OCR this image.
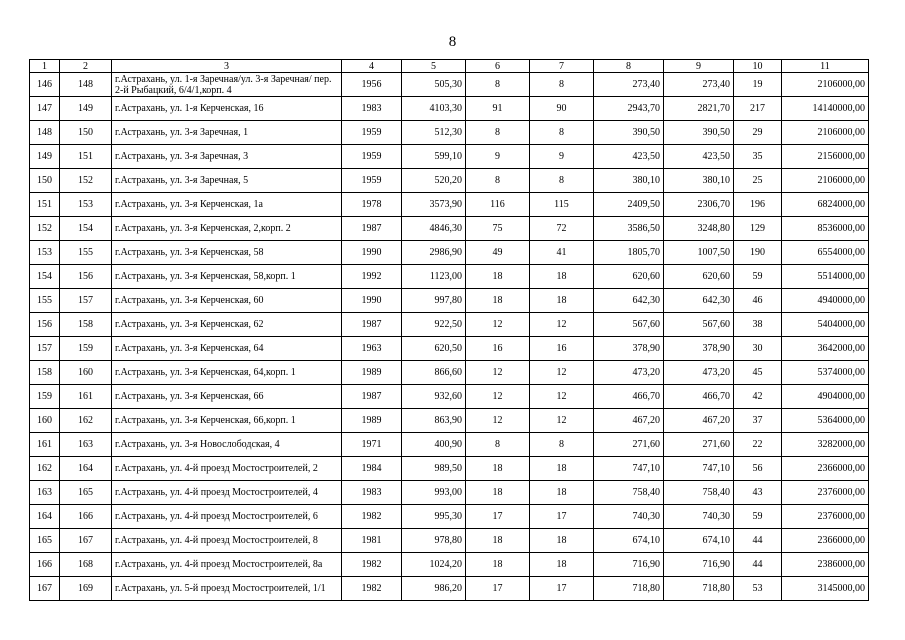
8
1	2	3	4	5	6	7	8	9	10	11
146	148	г.Астрахань, ул. 1-я Заречная/ул. 3-я Заречная/ пер. 2-й Рыбацкий, 6/4/1,корп. 4	1956	505,30	8	8	273,40	273,40	19	2106000,00
147	149	г.Астрахань, ул. 1-я Керченская, 16	1983	4103,30	91	90	2943,70	2821,70	217	14140000,00
148	150	г.Астрахань, ул. 3-я Заречная, 1	1959	512,30	8	8	390,50	390,50	29	2106000,00
149	151	г.Астрахань, ул. 3-я Заречная, 3	1959	599,10	9	9	423,50	423,50	35	2156000,00
150	152	г.Астрахань, ул. 3-я Заречная, 5	1959	520,20	8	8	380,10	380,10	25	2106000,00
151	153	г.Астрахань, ул. 3-я Керченская, 1а	1978	3573,90	116	115	2409,50	2306,70	196	6824000,00
152	154	г.Астрахань, ул. 3-я Керченская, 2,корп. 2	1987	4846,30	75	72	3586,50	3248,80	129	8536000,00
153	155	г.Астрахань, ул. 3-я Керченская, 58	1990	2986,90	49	41	1805,70	1007,50	190	6554000,00
154	156	г.Астрахань, ул. 3-я Керченская, 58,корп. 1	1992	1123,00	18	18	620,60	620,60	59	5514000,00
155	157	г.Астрахань, ул. 3-я Керченская, 60	1990	997,80	18	18	642,30	642,30	46	4940000,00
156	158	г.Астрахань, ул. 3-я Керченская, 62	1987	922,50	12	12	567,60	567,60	38	5404000,00
157	159	г.Астрахань, ул. 3-я Керченская, 64	1963	620,50	16	16	378,90	378,90	30	3642000,00
158	160	г.Астрахань, ул. 3-я Керченская, 64,корп. 1	1989	866,60	12	12	473,20	473,20	45	5374000,00
159	161	г.Астрахань, ул. 3-я Керченская, 66	1987	932,60	12	12	466,70	466,70	42	4904000,00
160	162	г.Астрахань, ул. 3-я Керченская, 66,корп. 1	1989	863,90	12	12	467,20	467,20	37	5364000,00
161	163	г.Астрахань, ул. 3-я Новослободская, 4	1971	400,90	8	8	271,60	271,60	22	3282000,00
162	164	г.Астрахань, ул. 4-й проезд Мостостроителей, 2	1984	989,50	18	18	747,10	747,10	56	2366000,00
163	165	г.Астрахань, ул. 4-й проезд Мостостроителей, 4	1983	993,00	18	18	758,40	758,40	43	2376000,00
164	166	г.Астрахань, ул. 4-й проезд Мостостроителей, 6	1982	995,30	17	17	740,30	740,30	59	2376000,00
165	167	г.Астрахань, ул. 4-й проезд Мостостроителей, 8	1981	978,80	18	18	674,10	674,10	44	2366000,00
166	168	г.Астрахань, ул. 4-й проезд Мостостроителей, 8а	1982	1024,20	18	18	716,90	716,90	44	2386000,00
167	169	г.Астрахань, ул. 5-й проезд Мостостроителей, 1/1	1982	986,20	17	17	718,80	718,80	53	3145000,00
